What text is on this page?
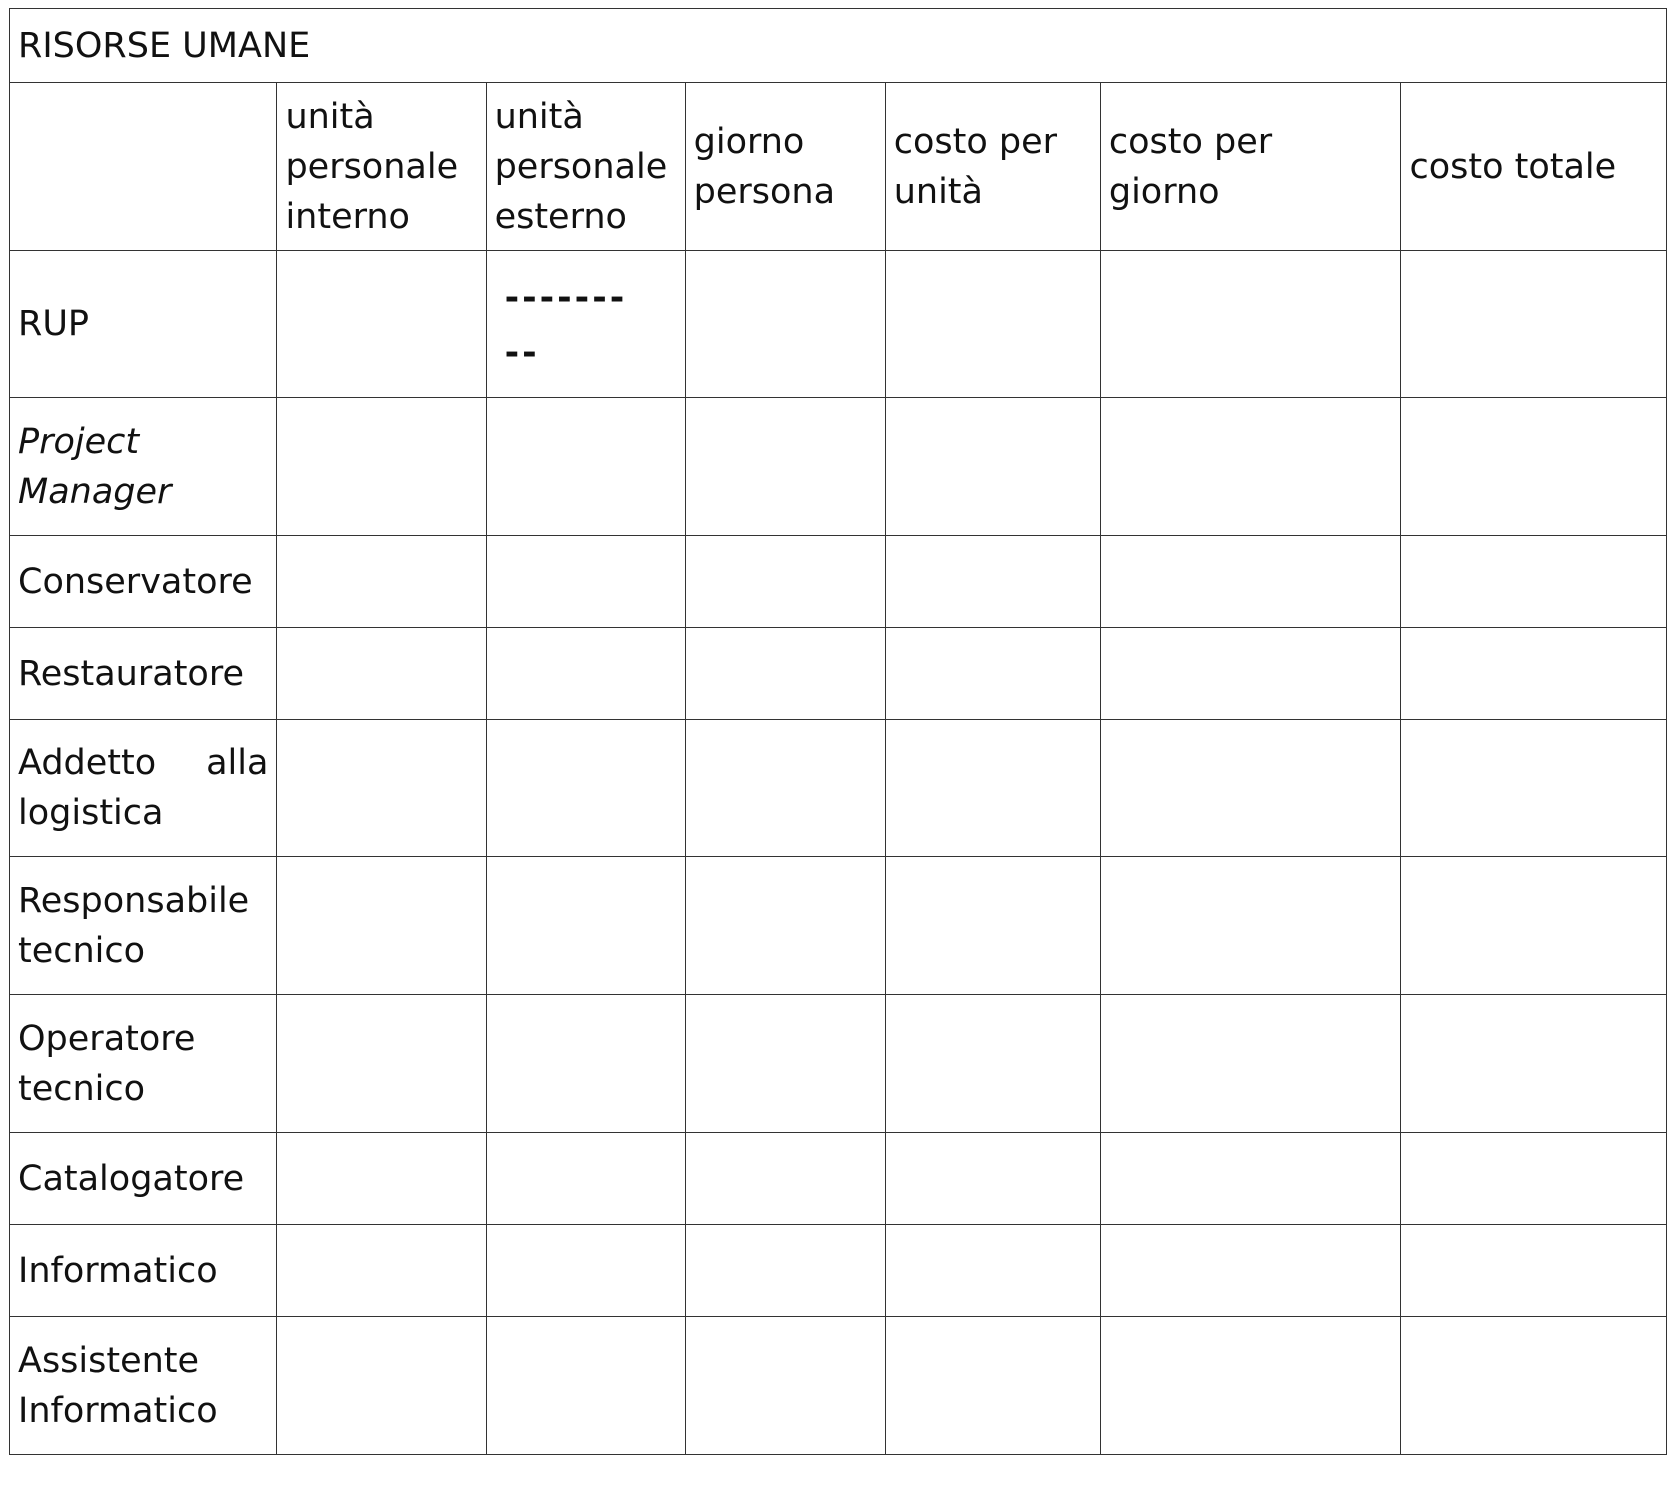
RISORSE UMANE						
	unità personale interno	unità personale esterno	giorno persona	costo per unità	costo per giorno	costo totale
RUP		---------				

Project Manager						
Conservatore						
Restauratore						
Addetto alla logistica						
Responsabile tecnico						
Operatore tecnico						
Catalogatore						
Informatico						
Assistente Informatico						
